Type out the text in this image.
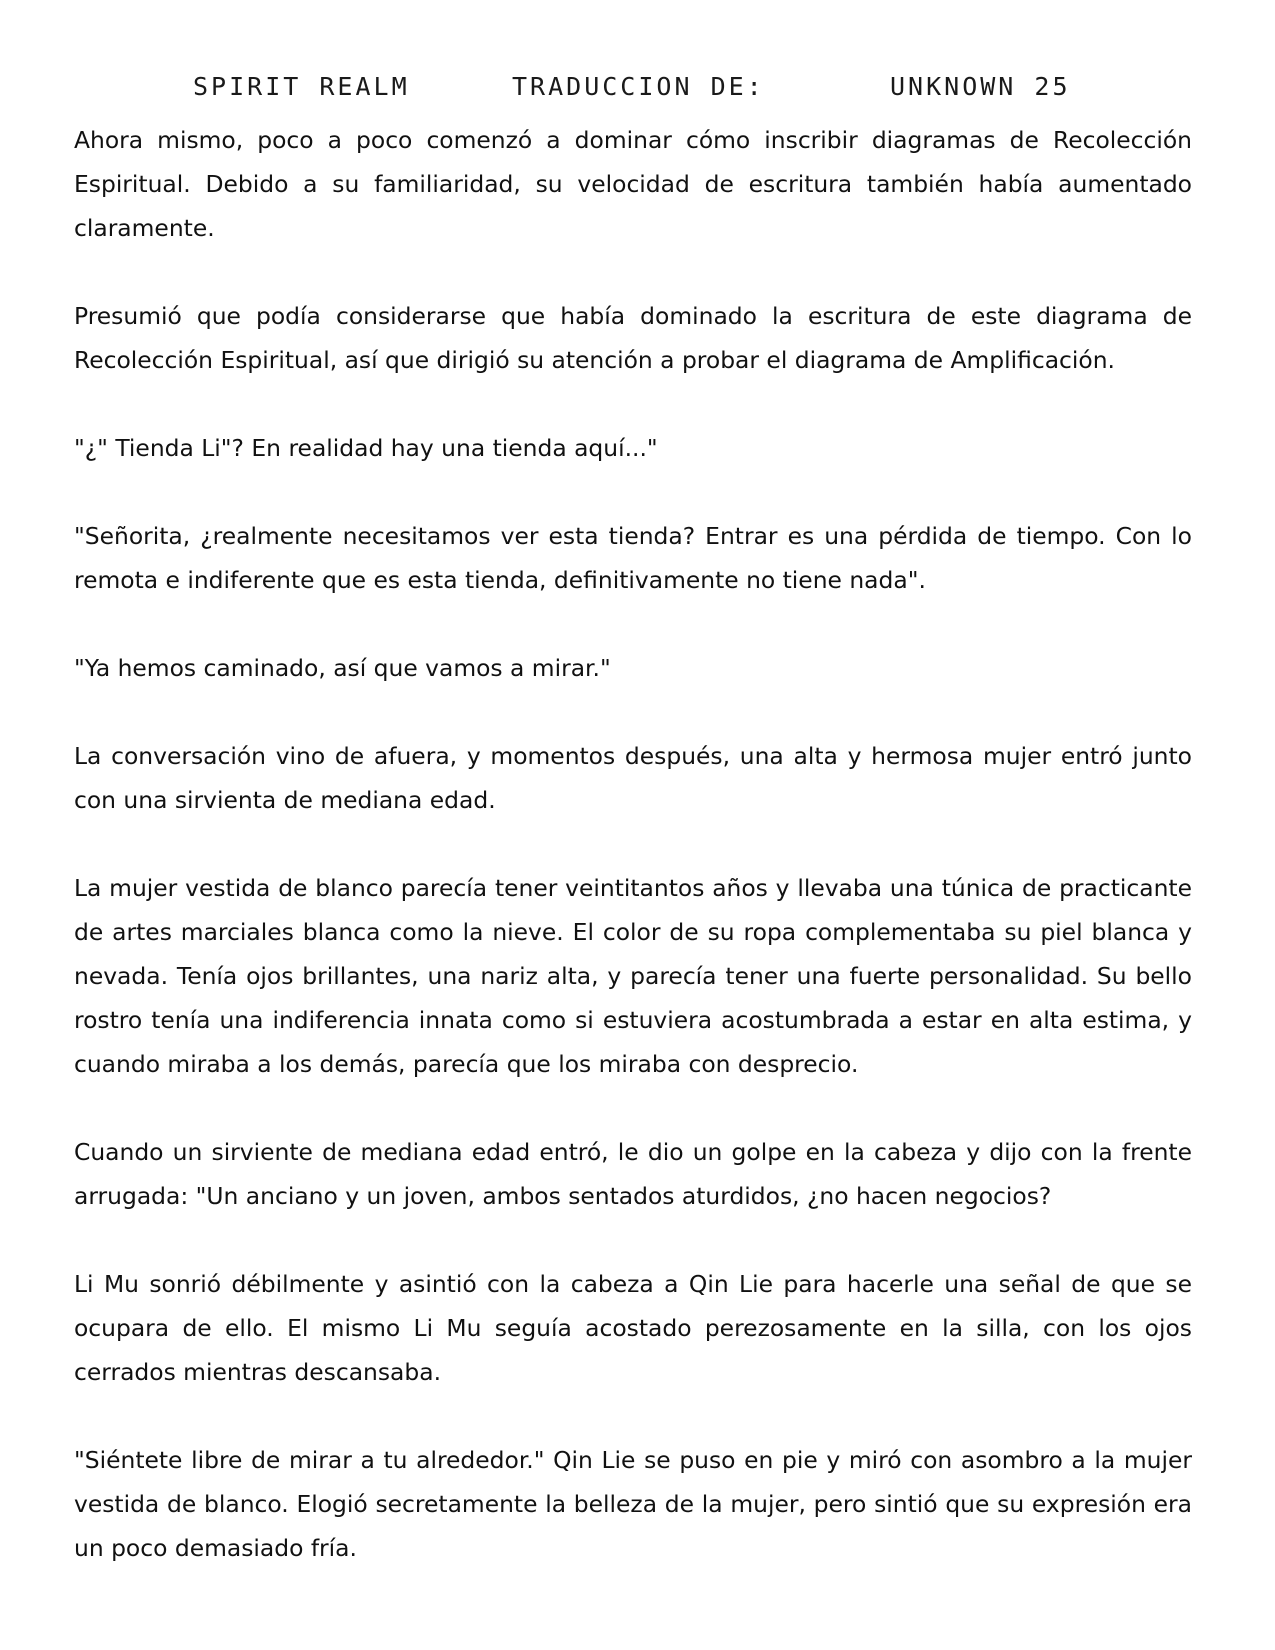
SPIRIT REALM	TRADUCCION DE:	UNKNOWN 25

Ahora mismo, poco a poco comenzó a dominar cómo inscribir diagramas de Recolección Espiritual. Debido a su familiaridad, su velocidad de escritura también había aumentado claramente.

Presumió que podía considerarse que había dominado la escritura de este diagrama de Recolección Espiritual, así que dirigió su atención a probar el diagrama de Amplificación.

"¿" Tienda Li"? En realidad hay una tienda aquí..."

"Señorita, ¿realmente necesitamos ver esta tienda? Entrar es una pérdida de tiempo. Con lo remota e indiferente que es esta tienda, definitivamente no tiene nada".

"Ya hemos caminado, así que vamos a mirar."

La conversación vino de afuera, y momentos después, una alta y hermosa mujer entró junto con una sirvienta de mediana edad.

La mujer vestida de blanco parecía tener veintitantos años y llevaba una túnica de practicante de artes marciales blanca como la nieve. El color de su ropa complementaba su piel blanca y nevada. Tenía ojos brillantes, una nariz alta, y parecía tener una fuerte personalidad. Su bello rostro tenía una indiferencia innata como si estuviera acostumbrada a estar en alta estima, y cuando miraba a los demás, parecía que los miraba con desprecio.

Cuando un sirviente de mediana edad entró, le dio un golpe en la cabeza y dijo con la frente arrugada: "Un anciano y un joven, ambos sentados aturdidos, ¿no hacen negocios?

Li Mu sonrió débilmente y asintió con la cabeza a Qin Lie para hacerle una señal de que se ocupara de ello. El mismo Li Mu seguía acostado perezosamente en la silla, con los ojos cerrados mientras descansaba.

"Siéntete libre de mirar a tu alrededor." Qin Lie se puso en pie y miró con asombro a la mujer vestida de blanco. Elogió secretamente la belleza de la mujer, pero sintió que su expresión era un poco demasiado fría.
